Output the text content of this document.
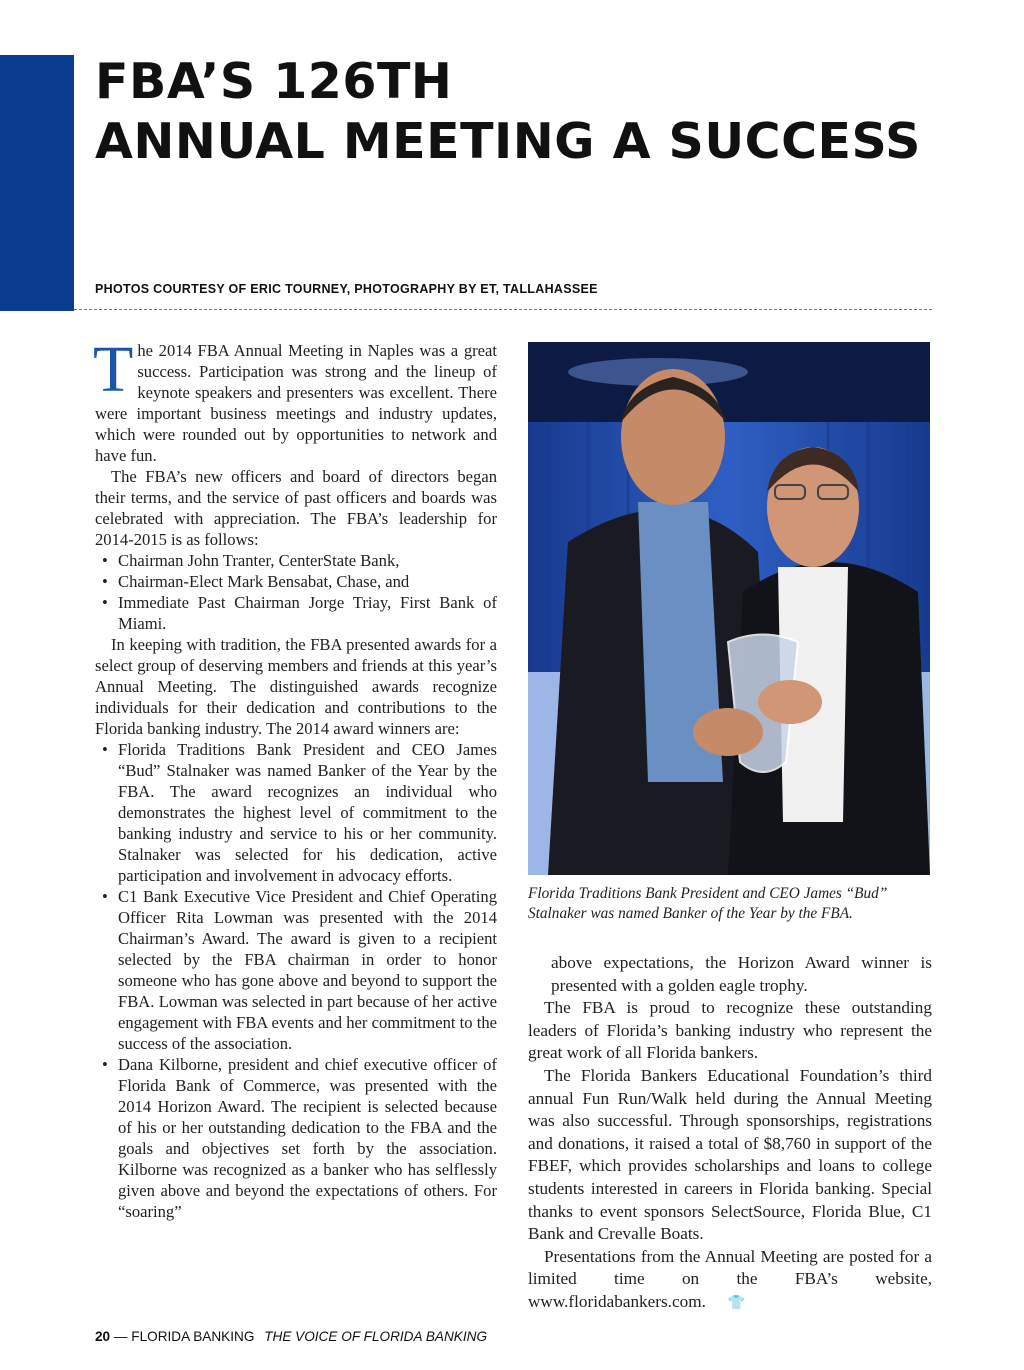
FBA’S 126TH
ANNUAL MEETING A SUCCESS
PHOTOS COURTESY OF ERIC TOURNEY, PHOTOGRAPHY BY ET, TALLAHASSEE

The 2014 FBA Annual Meeting in Naples was a great success. Participation was strong and the lineup of keynote speakers and presenters was excellent. There were important business meetings and industry updates, which were rounded out by opportunities to network and have fun.

The FBA’s new officers and board of directors began their terms, and the service of past officers and boards was celebrated with appreciation. The FBA’s leadership for 2014-2015 is as follows:

• Chairman John Tranter, CenterState Bank,
• Chairman-Elect Mark Bensabat, Chase, and
• Immediate Past Chairman Jorge Triay, First Bank of Miami.

In keeping with tradition, the FBA presented awards for a select group of deserving members and friends at this year’s Annual Meeting. The distinguished awards recognize individuals for their dedication and contributions to the Florida banking industry. The 2014 award winners are:

• Florida Traditions Bank President and CEO James “Bud” Stalnaker was named Banker of the Year by the FBA. The award recognizes an individual who demonstrates the highest level of commitment to the banking industry and service to his or her community. Stalnaker was selected for his dedication, active participation and involvement in advocacy efforts.
• C1 Bank Executive Vice President and Chief Operating Officer Rita Lowman was presented with the 2014 Chairman’s Award. The award is given to a recipient selected by the FBA chairman in order to honor someone who has gone above and beyond to support the FBA. Lowman was selected in part because of her active engagement with FBA events and her commitment to the success of the association.
• Dana Kilborne, president and chief executive officer of Florida Bank of Commerce, was presented with the 2014 Horizon Award. The recipient is selected because of his or her outstanding dedication to the FBA and the goals and objectives set forth by the association. Kilborne was recognized as a banker who has selflessly given above and beyond the expectations of others. For “soaring”
Florida Traditions Bank President and CEO James “Bud” Stalnaker was named Banker of the Year by the FBA.

above expectations, the Horizon Award winner is presented with a golden eagle trophy.

The FBA is proud to recognize these outstanding leaders of Florida’s banking industry who represent the great work of all Florida bankers.

The Florida Bankers Educational Foundation’s third annual Fun Run/Walk held during the Annual Meeting was also successful. Through sponsorships, registrations and donations, it raised a total of $8,760 in support of the FBEF, which provides scholarships and loans to college students interested in careers in Florida banking. Special thanks to event sponsors SelectSource, Florida Blue, C1 Bank and Crevalle Boats.

Presentations from the Annual Meeting are posted for a limited time on the FBA’s website, www.floridabankers.com. 👕

20 — FLORIDA BANKING THE VOICE OF FLORIDA BANKING
